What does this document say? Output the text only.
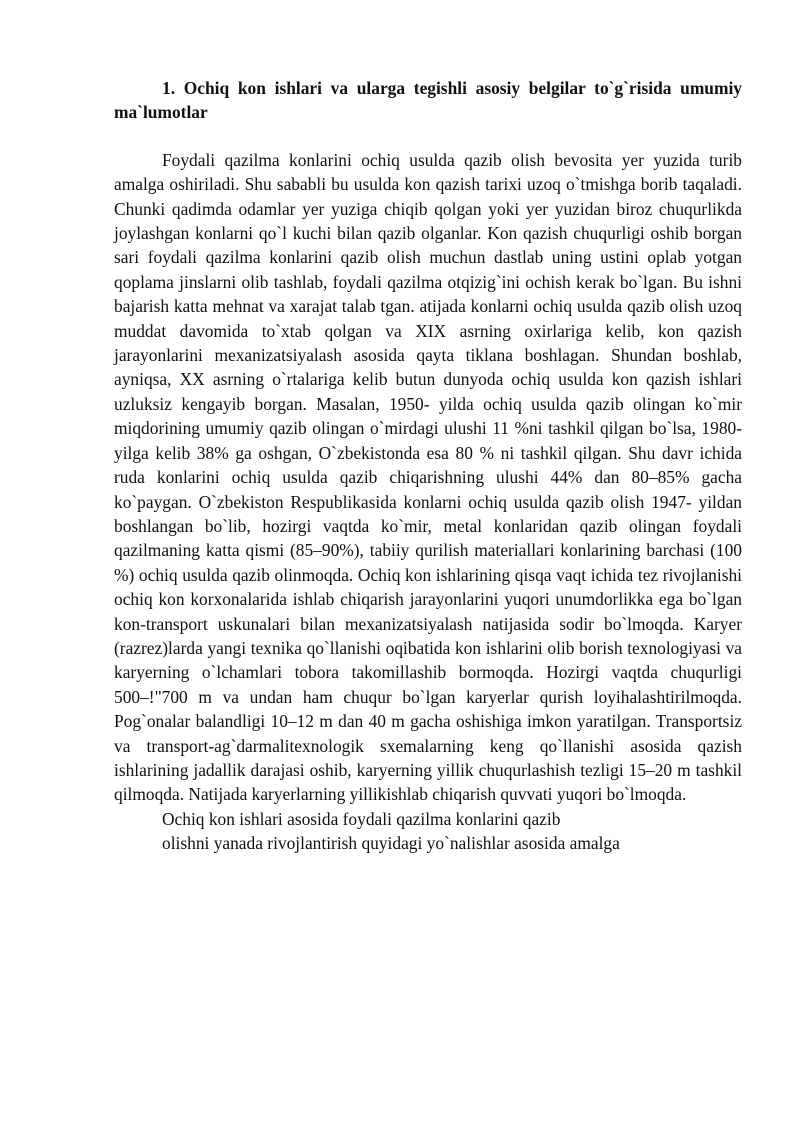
1. Ochiq kon ishlari va ularga tegishli asosiy belgilar to`g`risida umumiy ma`lumotlar

Foydali qazilma konlarini ochiq usulda qazib olish bevosita yer yuzida turib amalga oshiriladi. Shu sababli bu usulda kon qazish tarixi uzoq o`tmishga borib taqaladi. Chunki qadimda odamlar yer yuziga chiqib qolgan yoki yer yuzidan biroz chuqurlikda joylashgan konlarni qo`l kuchi bilan qazib olganlar. Kon qazish chuqurligi oshib borgan sari foydali qazilma konlarini qazib olish muchun dastlab uning ustini oplab yotgan qoplama jinslarni olib tashlab, foydali qazilma otqizig`ini ochish kerak bo`lgan. Bu ishni bajarish katta mehnat va xarajat talab tgan. atijada konlarni ochiq usulda qazib olish uzoq muddat davomida to`xtab qolgan va XIX asrning oxirlariga kelib, kon qazish jarayonlarini mexanizatsiyalash asosida qayta tiklana boshlagan. Shundan boshlab, ayniqsa, XX asrning o`rtalariga kelib butun dunyoda ochiq usulda kon qazish ishlari uzluksiz kengayib borgan. Masalan, 1950- yilda ochiq usulda qazib olingan ko`mir miqdorining umumiy qazib olingan o`mirdagi ulushi 11 %ni tashkil qilgan bo`lsa, 1980- yilga kelib 38% ga oshgan, O`zbekistonda esa 80 % ni tashkil qilgan. Shu davr ichida ruda konlarini ochiq usulda qazib chiqarishning ulushi 44% dan 80–85% gacha ko`paygan. O`zbekiston Respublikasida konlarni ochiq usulda qazib olish 1947- yildan boshlangan bo`lib, hozirgi vaqtda ko`mir, metal konlaridan qazib olingan foydali qazilmaning katta qismi (85–90%), tabiiy qurilish materiallari konlarining barchasi (100 %) ochiq usulda qazib olinmoqda. Ochiq kon ishlarining qisqa vaqt ichida tez rivojlanishi ochiq kon korxonalarida ishlab chiqarish jarayonlarini yuqori unumdorlikka ega bo`lgan kon-transport uskunalari bilan mexanizatsiyalash natijasida sodir bo`lmoqda. Karyer (razrez)larda yangi texnika qo`llanishi oqibatida kon ishlarini olib borish texnologiyasi va karyerning o`lchamlari tobora takomillashib bormoqda. Hozirgi vaqtda chuqurligi 500–!"700 m va undan ham chuqur bo`lgan karyerlar qurish loyihalashtirilmoqda. Pog`onalar balandligi 10–12 m dan 40 m gacha oshishiga imkon yaratilgan. Transportsiz va transport-ag`darmalitexnologik sxemalarning keng qo`llanishi asosida qazish ishlarining jadallik darajasi oshib, karyerning yillik chuqurlashish tezligi 15–20 m tashkil qilmoqda. Natijada karyerlarning yillikishlab chiqarish quvvati yuqori bo`lmoqda.

Ochiq kon ishlari asosida foydali qazilma konlarini qazib
olishni yanada rivojlantirish quyidagi yo`nalishlar asosida amalga
